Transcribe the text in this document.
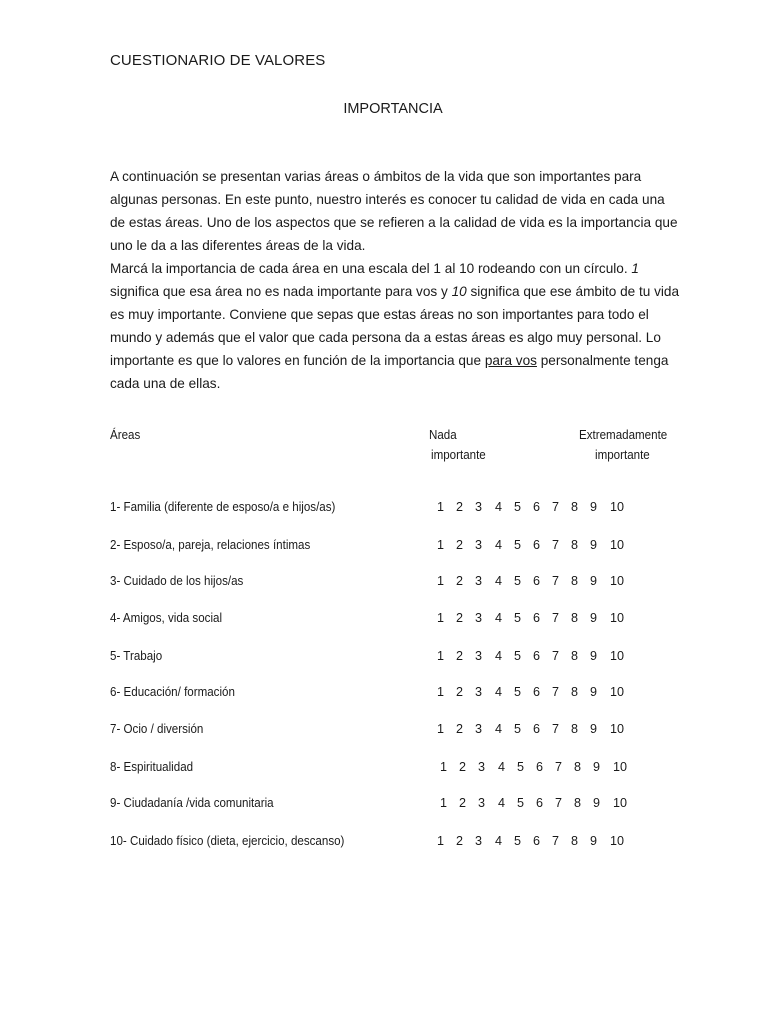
CUESTIONARIO DE VALORES
IMPORTANCIA

A continuación se presentan varias áreas o ámbitos de la vida que son importantes para algunas personas. En este punto, nuestro interés es conocer tu calidad de vida en cada una de estas áreas. Uno de los aspectos que se refieren a la calidad de vida es la importancia que uno le da a las diferentes áreas de la vida.

Marcá la importancia de cada área en una escala del 1 al 10 rodeando con un círculo. 1 significa que esa área no es nada importante para vos y 10 significa que ese ámbito de tu vida es muy importante. Conviene que sepas que estas áreas no son importantes para todo el mundo y además que el valor que cada persona da a estas áreas es algo muy personal. Lo importante es que lo valores en función de la importancia que para vos personalmente tenga cada una de ellas.

Áreas	Nada
importante
Extremadamente
importante
1- Familia (diferente de esposo/a e hijos/as)	1 2 3 4 5 6 7 8 9 10
2- Esposo/a, pareja, relaciones íntimas	1 2 3 4 5 6 7 8 9 10
3- Cuidado de los hijos/as	1 2 3 4 5 6 7 8 9 10
4- Amigos, vida social	1 2 3 4 5 6 7 8 9 10
5- Trabajo	1 2 3 4 5 6 7 8 9 10
6- Educación/ formación	1 2 3 4 5 6 7 8 9 10
7- Ocio / diversión	1 2 3 4 5 6 7 8 9 10
8- Espiritualidad	1 2 3 4 5 6 7 8 9 10
9- Ciudadanía /vida comunitaria	1 2 3 4 5 6 7 8 9 10
10- Cuidado físico (dieta, ejercicio, descanso)	1 2 3 4 5 6 7 8 9 10
